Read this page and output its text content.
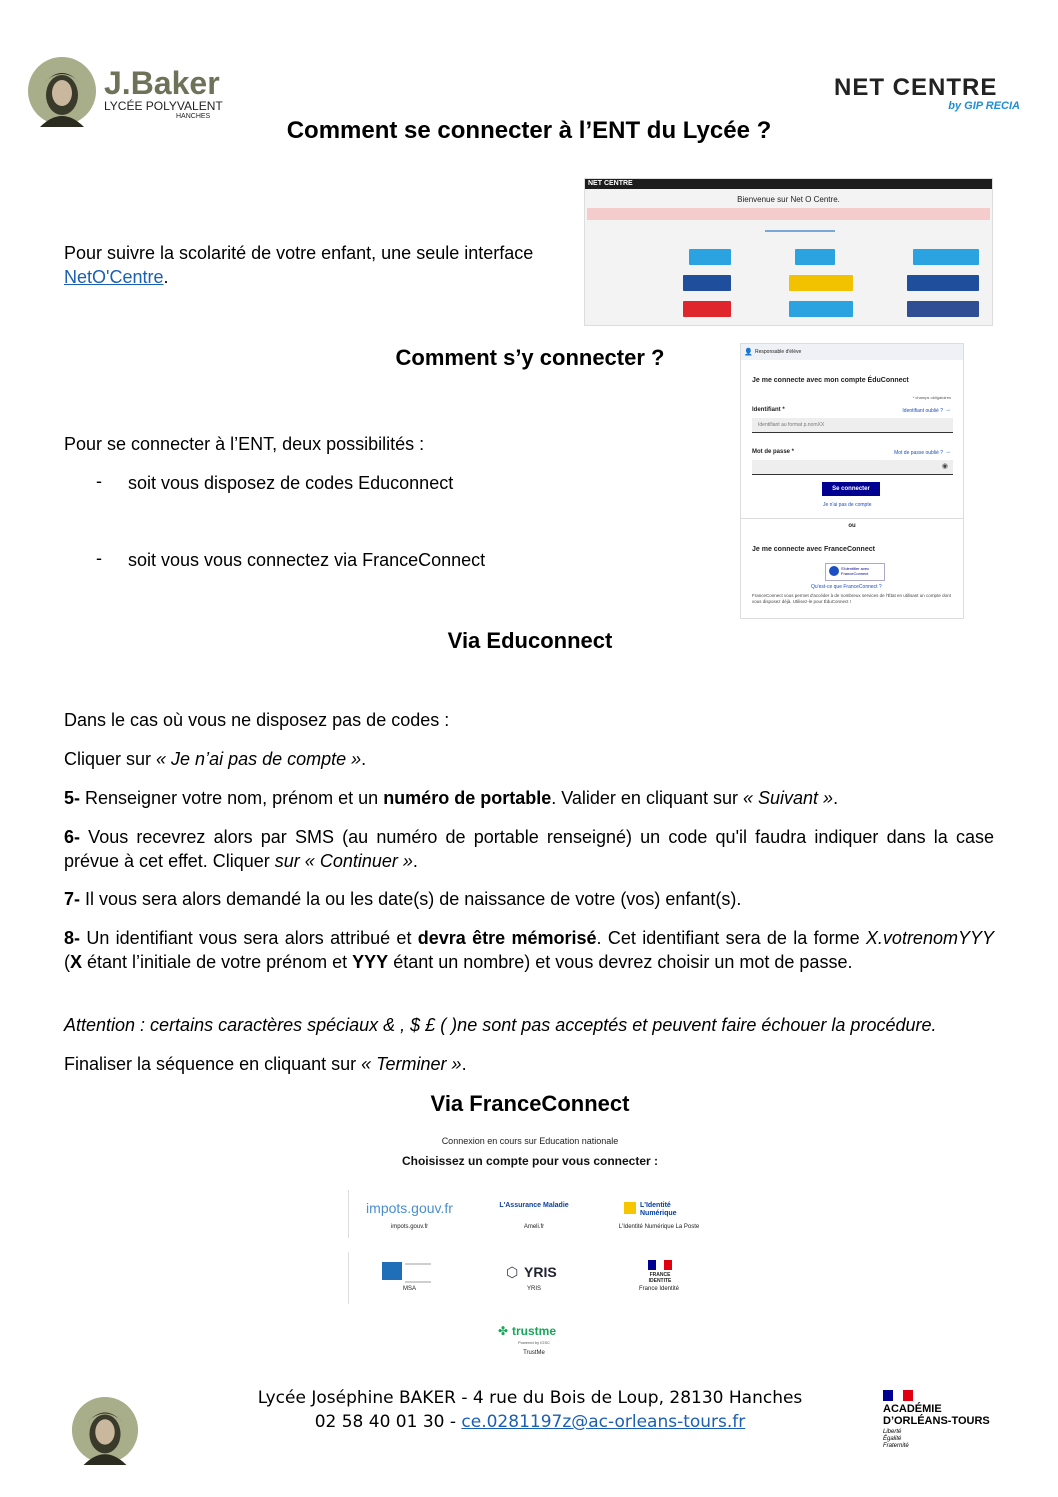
J.Baker
LYCÉE POLYVALENT
HANCHES
NET CENTRE
by GIP RECIA
Comment se connecter à l’ENT du Lycée ?

Pour suivre la scolarité de votre enfant, une seule interface
NetO'Centre.

NET CENTRE
Bienvenue sur Net O Centre.
Comment s’y connecter ?

Pour se connecter à l’ENT, deux possibilités :

- soit vous disposez de codes Educonnect

- soit vous vous connectez via FranceConnect

👤 Responsable d'élève
Je me connecte avec mon compte ÉduConnect
* champs obligatoires
Identifiant *	Identifiant oublié ? →
Identifiant au format p.nomXX
Mot de passe *	Mot de passe oublié ? →
◉
Se connecter
Je n'ai pas de compte
ou
Je me connecte avec FranceConnect
S'identifier avec FranceConnect
Qu'est-ce que FranceConnect ?
FranceConnect vous permet d'accéder à de nombreux services de l'État en utilisant un compte dont vous disposez déjà. Utilisez-le pour ÉduConnect !
Via Educonnect

Dans le cas où vous ne disposez pas de codes :

Cliquer sur « Je n’ai pas de compte ».

5- Renseigner votre nom, prénom et un numéro de portable. Valider en cliquant sur « Suivant ».

6- Vous recevrez alors par SMS (au numéro de portable renseigné) un code qu'il faudra indiquer dans la case prévue à cet effet. Cliquer sur « Continuer ».

7- Il vous sera alors demandé la ou les date(s) de naissance de votre (vos) enfant(s).

8- Un identifiant vous sera alors attribué et devra être mémorisé. Cet identifiant sera de la forme X.votrenomYYY (X étant l’initiale de votre prénom et YYY étant un nombre) et vous devrez choisir un mot de passe.

Attention : certains caractères spéciaux & , $ £ ( )ne sont pas acceptés et peuvent faire échouer la procédure.

Finaliser la séquence en cliquant sur « Terminer ».

Via FranceConnect
Connexion en cours sur Education nationale
Choisissez un compte pour vous connecter :
impots.gouv.fr
impots.gouv.fr
L'Assurance Maladie
Ameli.fr
L'Identité Numérique
L'Identité Numérique La Poste
MSA
⬡ YRIS
YRIS
FRANCE IDENTITE
France Identité
✤ trustme
Powered by IGSC
TrustMe
Lycée Joséphine BAKER - 4 rue du Bois de Loup, 28130 Hanches
02 58 40 01 30 - ce.0281197z@ac-orleans-tours.fr
ACADÉMIE
D’ORLÉANS-TOURS
Liberté
Égalité
Fraternité
